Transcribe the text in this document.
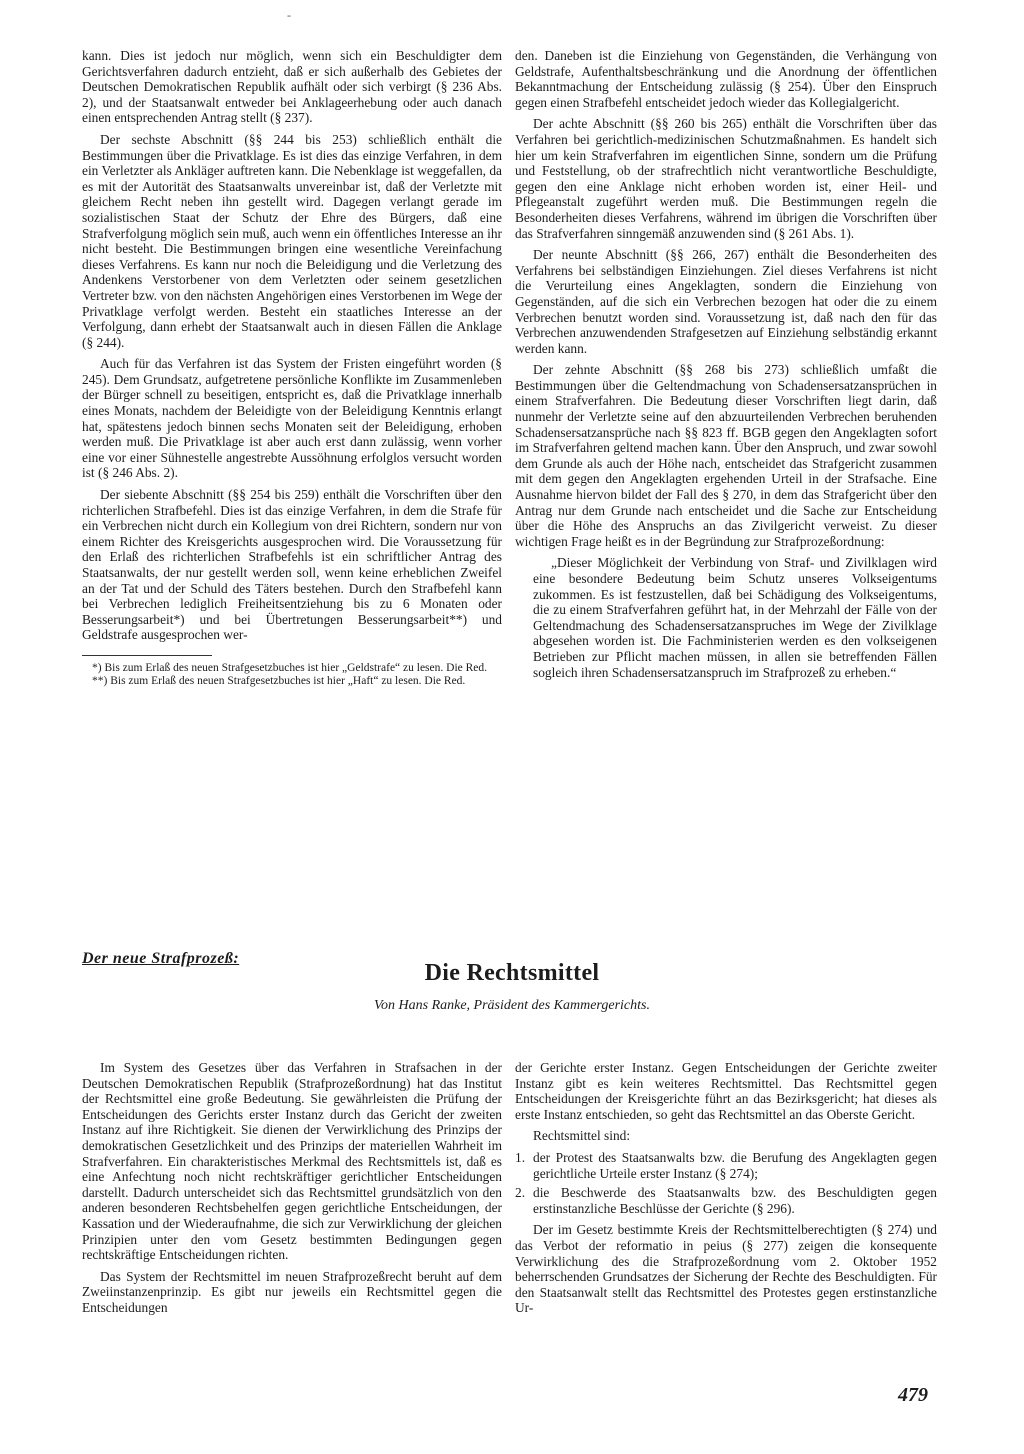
-

kann. Dies ist jedoch nur möglich, wenn sich ein Beschuldigter dem Gerichtsverfahren dadurch entzieht, daß er sich außerhalb des Gebietes der Deutschen Demokratischen Republik aufhält oder sich verbirgt (§ 236 Abs. 2), und der Staatsanwalt entweder bei Anklageerhebung oder auch danach einen entsprechenden Antrag stellt (§ 237).

Der sechste Abschnitt (§§ 244 bis 253) schließlich enthält die Bestimmungen über die Privatklage. Es ist dies das einzige Verfahren, in dem ein Verletzter als Ankläger auftreten kann. Die Nebenklage ist weggefallen, da es mit der Autorität des Staatsanwalts unvereinbar ist, daß der Verletzte mit gleichem Recht neben ihn gestellt wird. Dagegen verlangt gerade im sozialistischen Staat der Schutz der Ehre des Bürgers, daß eine Strafverfolgung möglich sein muß, auch wenn ein öffentliches Interesse an ihr nicht besteht. Die Bestimmungen bringen eine wesentliche Vereinfachung dieses Verfahrens. Es kann nur noch die Beleidigung und die Verletzung des Andenkens Verstorbener von dem Verletzten oder seinem gesetzlichen Vertreter bzw. von den nächsten Angehörigen eines Verstorbenen im Wege der Privatklage verfolgt werden. Besteht ein staatliches Interesse an der Verfolgung, dann erhebt der Staatsanwalt auch in diesen Fällen die Anklage (§ 244).

Auch für das Verfahren ist das System der Fristen eingeführt worden (§ 245). Dem Grundsatz, aufgetretene persönliche Konflikte im Zusammenleben der Bürger schnell zu beseitigen, entspricht es, daß die Privatklage innerhalb eines Monats, nachdem der Beleidigte von der Beleidigung Kenntnis erlangt hat, spätestens jedoch binnen sechs Monaten seit der Beleidigung, erhoben werden muß. Die Privatklage ist aber auch erst dann zulässig, wenn vorher eine vor einer Sühnestelle angestrebte Aussöhnung erfolglos versucht worden ist (§ 246 Abs. 2).

Der siebente Abschnitt (§§ 254 bis 259) enthält die Vorschriften über den richterlichen Strafbefehl. Dies ist das einzige Verfahren, in dem die Strafe für ein Verbrechen nicht durch ein Kollegium von drei Richtern, sondern nur von einem Richter des Kreisgerichts ausgesprochen wird. Die Voraussetzung für den Erlaß des richterlichen Strafbefehls ist ein schriftlicher Antrag des Staatsanwalts, der nur gestellt werden soll, wenn keine erheblichen Zweifel an der Tat und der Schuld des Täters bestehen. Durch den Strafbefehl kann bei Verbrechen lediglich Freiheitsentziehung bis zu 6 Monaten oder Besserungsarbeit*) und bei Übertretungen Besserungsarbeit**) und Geldstrafe ausgesprochen wer-

*) Bis zum Erlaß des neuen Strafgesetzbuches ist hier „Geldstrafe“ zu lesen. Die Red.

**) Bis zum Erlaß des neuen Strafgesetzbuches ist hier „Haft“ zu lesen. Die Red.

den. Daneben ist die Einziehung von Gegenständen, die Verhängung von Geldstrafe, Aufenthaltsbeschränkung und die Anordnung der öffentlichen Bekanntmachung der Entscheidung zulässig (§ 254). Über den Einspruch gegen einen Strafbefehl entscheidet jedoch wieder das Kollegialgericht.

Der achte Abschnitt (§§ 260 bis 265) enthält die Vorschriften über das Verfahren bei gerichtlich-medizinischen Schutzmaßnahmen. Es handelt sich hier um kein Strafverfahren im eigentlichen Sinne, sondern um die Prüfung und Feststellung, ob der strafrechtlich nicht verantwortliche Beschuldigte, gegen den eine Anklage nicht erhoben worden ist, einer Heil- und Pflegeanstalt zugeführt werden muß. Die Bestimmungen regeln die Besonderheiten dieses Verfahrens, während im übrigen die Vorschriften über das Strafverfahren sinngemäß anzuwenden sind (§ 261 Abs. 1).

Der neunte Abschnitt (§§ 266, 267) enthält die Besonderheiten des Verfahrens bei selbständigen Einziehungen. Ziel dieses Verfahrens ist nicht die Verurteilung eines Angeklagten, sondern die Einziehung von Gegenständen, auf die sich ein Verbrechen bezogen hat oder die zu einem Verbrechen benutzt worden sind. Voraussetzung ist, daß nach den für das Verbrechen anzuwendenden Strafgesetzen auf Einziehung selbständig erkannt werden kann.

Der zehnte Abschnitt (§§ 268 bis 273) schließlich umfaßt die Bestimmungen über die Geltendmachung von Schadensersatzansprüchen in einem Strafverfahren. Die Bedeutung dieser Vorschriften liegt darin, daß nunmehr der Verletzte seine auf den abzuurteilenden Verbrechen beruhenden Schadensersatzansprüche nach §§ 823 ff. BGB gegen den Angeklagten sofort im Strafverfahren geltend machen kann. Über den Anspruch, und zwar sowohl dem Grunde als auch der Höhe nach, entscheidet das Strafgericht zusammen mit dem gegen den Angeklagten ergehenden Urteil in der Strafsache. Eine Ausnahme hiervon bildet der Fall des § 270, in dem das Strafgericht über den Antrag nur dem Grunde nach entscheidet und die Sache zur Entscheidung über die Höhe des Anspruchs an das Zivilgericht verweist. Zu dieser wichtigen Frage heißt es in der Begründung zur Strafprozeßordnung:

„Dieser Möglichkeit der Verbindung von Straf- und Zivilklagen wird eine besondere Bedeutung beim Schutz unseres Volkseigentums zukommen. Es ist festzustellen, daß bei Schädigung des Volkseigentums, die zu einem Strafverfahren geführt hat, in der Mehrzahl der Fälle von der Geltendmachung des Schadensersatzanspruches im Wege der Zivilklage abgesehen worden ist. Die Fachministerien werden es den volkseigenen Betrieben zur Pflicht machen müssen, in allen sie betreffenden Fällen sogleich ihren Schadensersatzanspruch im Strafprozeß zu erheben.“

Der neue Strafprozeß:
Die Rechtsmittel
Von Hans Ranke, Präsident des Kammergerichts.

Im System des Gesetzes über das Verfahren in Strafsachen in der Deutschen Demokratischen Republik (Strafprozeßordnung) hat das Institut der Rechtsmittel eine große Bedeutung. Sie gewährleisten die Prüfung der Entscheidungen des Gerichts erster Instanz durch das Gericht der zweiten Instanz auf ihre Richtigkeit. Sie dienen der Verwirklichung des Prinzips der demokratischen Gesetzlichkeit und des Prinzips der materiellen Wahrheit im Strafverfahren. Ein charakteristisches Merkmal des Rechtsmittels ist, daß es eine Anfechtung noch nicht rechtskräftiger gerichtlicher Entscheidungen darstellt. Dadurch unterscheidet sich das Rechtsmittel grundsätzlich von den anderen besonderen Rechtsbehelfen gegen gerichtliche Entscheidungen, der Kassation und der Wiederaufnahme, die sich zur Verwirklichung der gleichen Prinzipien unter den vom Gesetz bestimmten Bedingungen gegen rechtskräftige Entscheidungen richten.

Das System der Rechtsmittel im neuen Strafprozeßrecht beruht auf dem Zweiinstanzenprinzip. Es gibt nur jeweils ein Rechtsmittel gegen die Entscheidungen

der Gerichte erster Instanz. Gegen Entscheidungen der Gerichte zweiter Instanz gibt es kein weiteres Rechtsmittel. Das Rechtsmittel gegen Entscheidungen der Kreisgerichte führt an das Bezirksgericht; hat dieses als erste Instanz entschieden, so geht das Rechtsmittel an das Oberste Gericht.

Rechtsmittel sind:

1. der Protest des Staatsanwalts bzw. die Berufung des Angeklagten gegen gerichtliche Urteile erster Instanz (§ 274);
2. die Beschwerde des Staatsanwalts bzw. des Beschuldigten gegen erstinstanzliche Beschlüsse der Gerichte (§ 296).

Der im Gesetz bestimmte Kreis der Rechtsmittelberechtigten (§ 274) und das Verbot der reformatio in peius (§ 277) zeigen die konsequente Verwirklichung des die Strafprozeßordnung vom 2. Oktober 1952 beherrschenden Grundsatzes der Sicherung der Rechte des Beschuldigten. Für den Staatsanwalt stellt das Rechtsmittel des Protestes gegen erstinstanzliche Ur-

479
